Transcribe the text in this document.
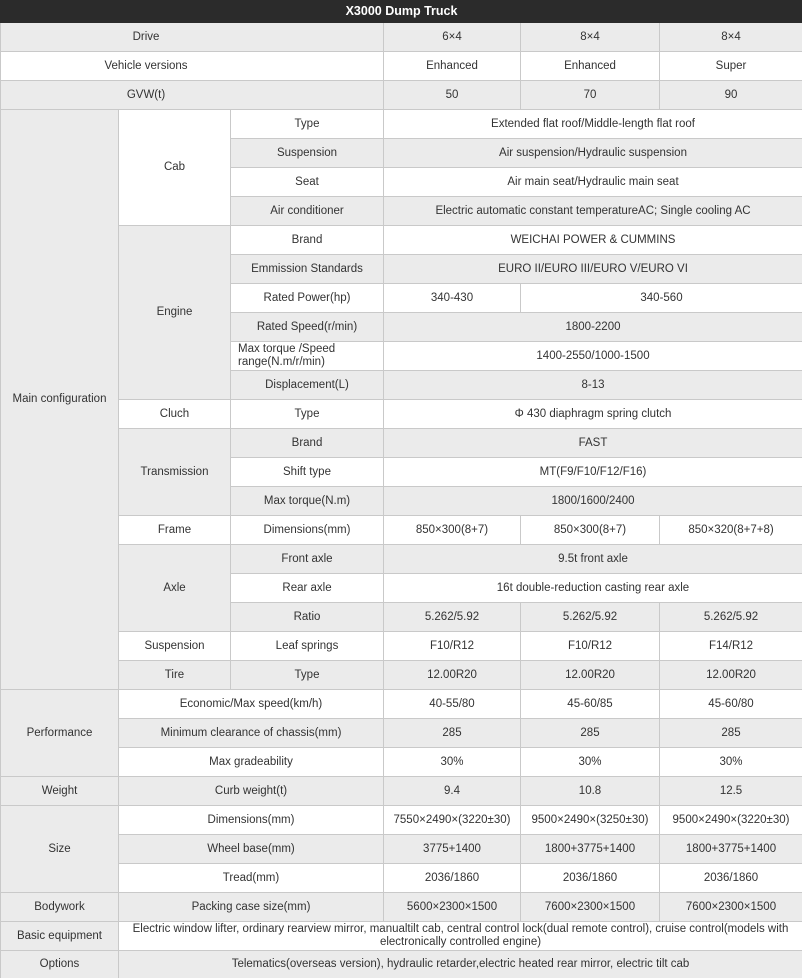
X3000 Dump Truck					
Drive			6×4	8×4	8×4
Vehicle versions			Enhanced	Enhanced	Super
GVW(t)			50	70	90
Main configuration	Cab	Type	Extended flat roof/Middle-length flat roof		
		Suspension	Air suspension/Hydraulic suspension		
		Seat	Air main seat/Hydraulic main seat		
		Air conditioner	Electric automatic constant temperatureAC; Single cooling AC		
	Engine	Brand	WEICHAI POWER & CUMMINS		
		Emmission Standards	EURO II/EURO III/EURO V/EURO VI		
		Rated Power(hp)	340-430	340-560	
		Rated Speed(r/min)	1800-2200		
		Max torque /Speed range(N.m/r/min)	1400-2550/1000-1500		
		Displacement(L)	8-13		
	Cluch	Type	Φ 430 diaphragm spring clutch		
	Transmission	Brand	FAST		
		Shift type	MT(F9/F10/F12/F16)		
		Max torque(N.m)	1800/1600/2400		
	Frame	Dimensions(mm)	850×300(8+7)	850×300(8+7)	850×320(8+7+8)
	Axle	Front axle	9.5t front axle		
		Rear axle	16t double-reduction casting rear axle		
		Ratio	5.262/5.92	5.262/5.92	5.262/5.92
	Suspension	Leaf springs	F10/R12	F10/R12	F14/R12
	Tire	Type	12.00R20	12.00R20	12.00R20
Performance	Economic/Max speed(km/h)		40-55/80	45-60/85	45-60/80
	Minimum clearance of chassis(mm)		285	285	285
	Max gradeability		30%	30%	30%
Weight	Curb weight(t)		9.4	10.8	12.5
Size	Dimensions(mm)		7550×2490×(3220±30)	9500×2490×(3250±30)	9500×2490×(3220±30)
	Wheel base(mm)		3775+1400	1800+3775+1400	1800+3775+1400
	Tread(mm)		2036/1860	2036/1860	2036/1860
Bodywork	Packing case size(mm)		5600×2300×1500	7600×2300×1500	7600×2300×1500
Basic equipment	Electric window lifter, ordinary rearview mirror, manualtilt cab, central control lock(dual remote control), cruise control(models with electronically controlled engine)				
Options	Telematics(overseas version), hydraulic retarder,electric heated rear mirror, electric tilt cab				
